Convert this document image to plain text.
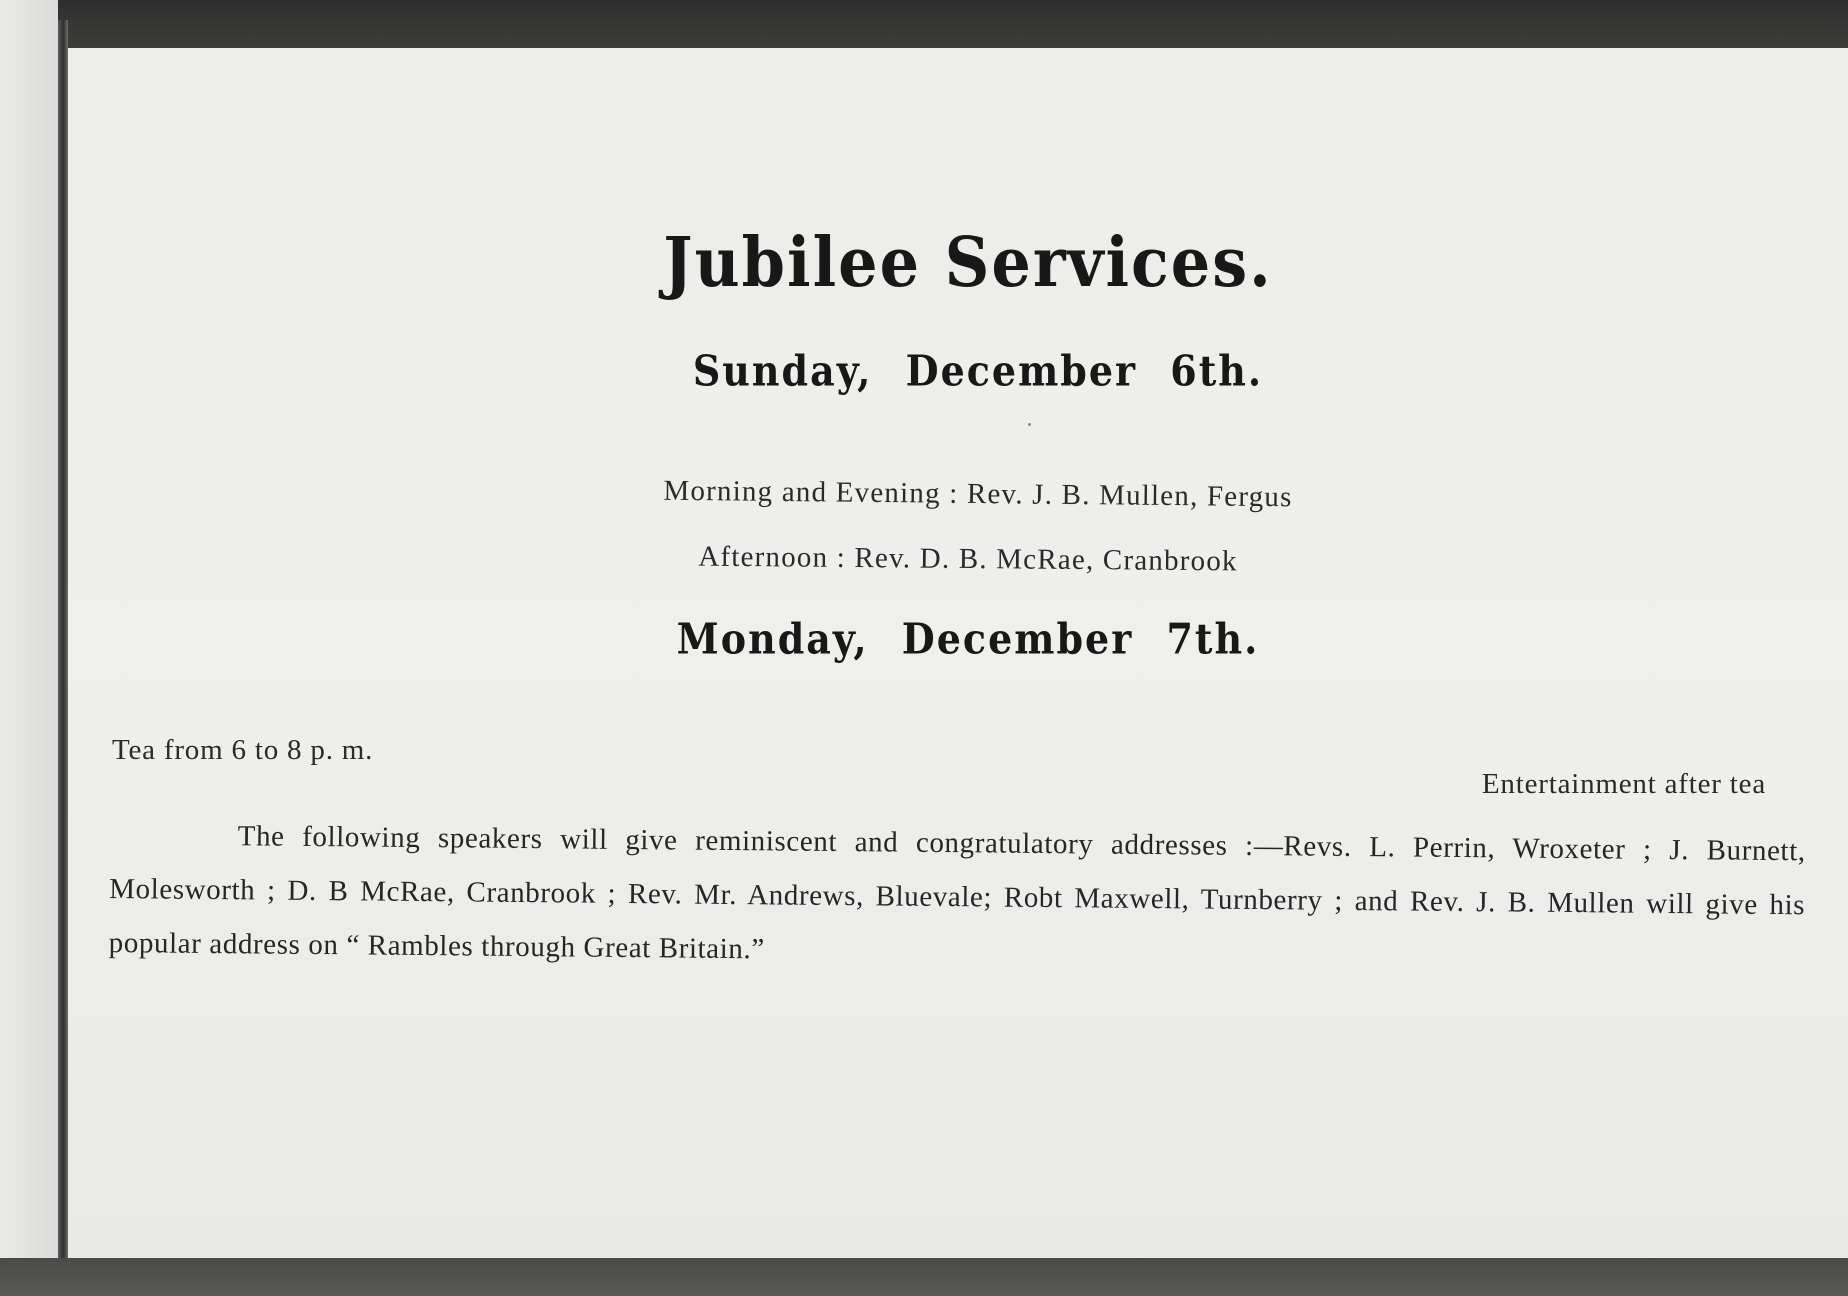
Jubilee Services.
Sunday, December 6th.
Morning and Evening : Rev. J. B. Mullen, Fergus
Afternoon : Rev. D. B. McRae, Cranbrook
Monday, December 7th.
Tea from 6 to 8 p. m.
Entertainment after tea
The following speakers will give reminiscent and congratulatory addresses :—Revs. L. Perrin, Wroxeter ; J. Burnett, Molesworth ; D. B McRae, Cranbrook ; Rev. Mr. Andrews, Bluevale; Robt Maxwell, Turnberry ; and Rev. J. B. Mullen will give his popular address on “ Rambles through Great Britain.”
